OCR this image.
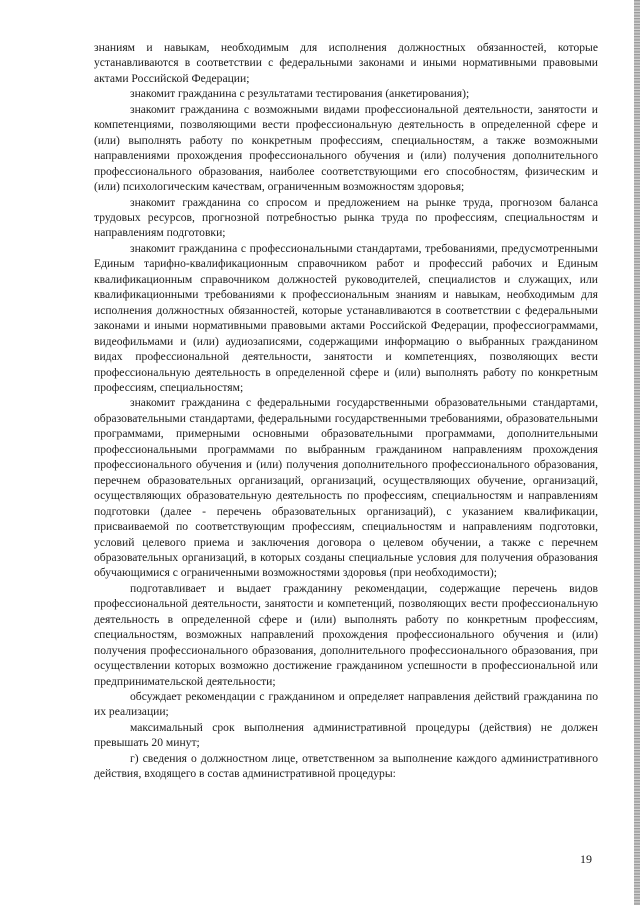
знаниям и навыкам, необходимым для исполнения должностных обязанностей, которые устанавливаются в соответствии с федеральными законами и иными нормативными правовыми актами Российской Федерации;

знакомит гражданина с результатами тестирования (анкетирования);

знакомит гражданина с возможными видами профессиональной деятельности, занятости и компетенциями, позволяющими вести профессиональную деятельность в определенной сфере и (или) выполнять работу по конкретным профессиям, специальностям, а также возможными направлениями прохождения профессионального обучения и (или) получения дополнительного профессионального образования, наиболее соответствующими его способностям, физическим и (или) психологическим качествам, ограниченным возможностям здоровья;

знакомит гражданина со спросом и предложением на рынке труда, прогнозом баланса трудовых ресурсов, прогнозной потребностью рынка труда по профессиям, специальностям и направлениям подготовки;

знакомит гражданина с профессиональными стандартами, требованиями, предусмотренными Единым тарифно-квалификационным справочником работ и профессий рабочих и Единым квалификационным справочником должностей руководителей, специалистов и служащих, или квалификационными требованиями к профессиональным знаниям и навыкам, необходимым для исполнения должностных обязанностей, которые устанавливаются в соответствии с федеральными законами и иными нормативными правовыми актами Российской Федерации, профессиограммами, видеофильмами и (или) аудиозаписями, содержащими информацию о выбранных гражданином видах профессиональной деятельности, занятости и компетенциях, позволяющих вести профессиональную деятельность в определенной сфере и (или) выполнять работу по конкретным профессиям, специальностям;

знакомит гражданина с федеральными государственными образовательными стандартами, образовательными стандартами, федеральными государственными требованиями, образовательными программами, примерными основными образовательными программами, дополнительными профессиональными программами по выбранным гражданином направлениям прохождения профессионального обучения и (или) получения дополнительного профессионального образования, перечнем образовательных организаций, организаций, осуществляющих обучение, организаций, осуществляющих образовательную деятельность по профессиям, специальностям и направлениям подготовки (далее - перечень образовательных организаций), с указанием квалификации, присваиваемой по соответствующим профессиям, специальностям и направлениям подготовки, условий целевого приема и заключения договора о целевом обучении, а также с перечнем образовательных организаций, в которых созданы специальные условия для получения образования обучающимися с ограниченными возможностями здоровья (при необходимости);

подготавливает и выдает гражданину рекомендации, содержащие перечень видов профессиональной деятельности, занятости и компетенций, позволяющих вести профессиональную деятельность в определенной сфере и (или) выполнять работу по конкретным профессиям, специальностям, возможных направлений прохождения профессионального обучения и (или) получения профессионального образования, дополнительного профессионального образования, при осуществлении которых возможно достижение гражданином успешности в профессиональной или предпринимательской деятельности;

обсуждает рекомендации с гражданином и определяет направления действий гражданина по их реализации;

максимальный срок выполнения административной процедуры (действия) не должен превышать 20 минут;

г) сведения о должностном лице, ответственном за выполнение каждого административного действия, входящего в состав административной процедуры:

19
